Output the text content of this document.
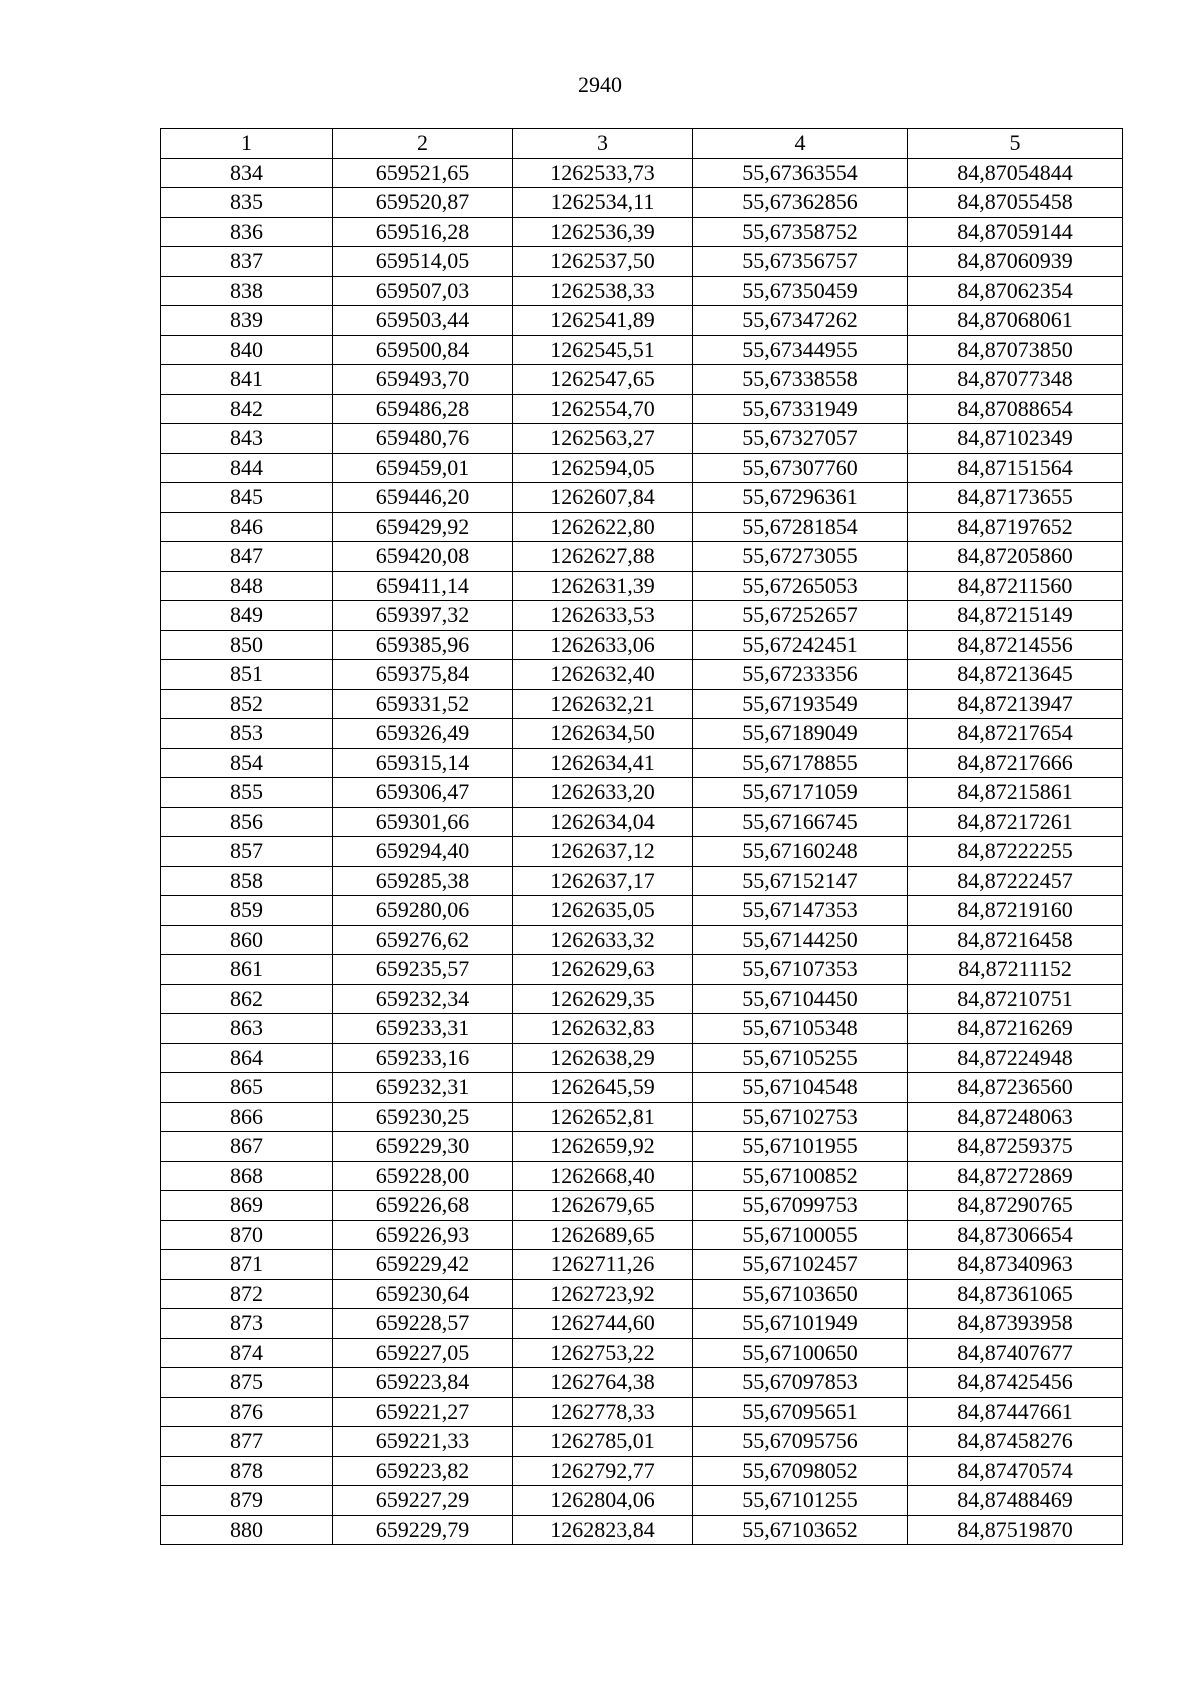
2940
1	2	3	4	5
834	659521,65	1262533,73	55,67363554	84,87054844
835	659520,87	1262534,11	55,67362856	84,87055458
836	659516,28	1262536,39	55,67358752	84,87059144
837	659514,05	1262537,50	55,67356757	84,87060939
838	659507,03	1262538,33	55,67350459	84,87062354
839	659503,44	1262541,89	55,67347262	84,87068061
840	659500,84	1262545,51	55,67344955	84,87073850
841	659493,70	1262547,65	55,67338558	84,87077348
842	659486,28	1262554,70	55,67331949	84,87088654
843	659480,76	1262563,27	55,67327057	84,87102349
844	659459,01	1262594,05	55,67307760	84,87151564
845	659446,20	1262607,84	55,67296361	84,87173655
846	659429,92	1262622,80	55,67281854	84,87197652
847	659420,08	1262627,88	55,67273055	84,87205860
848	659411,14	1262631,39	55,67265053	84,87211560
849	659397,32	1262633,53	55,67252657	84,87215149
850	659385,96	1262633,06	55,67242451	84,87214556
851	659375,84	1262632,40	55,67233356	84,87213645
852	659331,52	1262632,21	55,67193549	84,87213947
853	659326,49	1262634,50	55,67189049	84,87217654
854	659315,14	1262634,41	55,67178855	84,87217666
855	659306,47	1262633,20	55,67171059	84,87215861
856	659301,66	1262634,04	55,67166745	84,87217261
857	659294,40	1262637,12	55,67160248	84,87222255
858	659285,38	1262637,17	55,67152147	84,87222457
859	659280,06	1262635,05	55,67147353	84,87219160
860	659276,62	1262633,32	55,67144250	84,87216458
861	659235,57	1262629,63	55,67107353	84,87211152
862	659232,34	1262629,35	55,67104450	84,87210751
863	659233,31	1262632,83	55,67105348	84,87216269
864	659233,16	1262638,29	55,67105255	84,87224948
865	659232,31	1262645,59	55,67104548	84,87236560
866	659230,25	1262652,81	55,67102753	84,87248063
867	659229,30	1262659,92	55,67101955	84,87259375
868	659228,00	1262668,40	55,67100852	84,87272869
869	659226,68	1262679,65	55,67099753	84,87290765
870	659226,93	1262689,65	55,67100055	84,87306654
871	659229,42	1262711,26	55,67102457	84,87340963
872	659230,64	1262723,92	55,67103650	84,87361065
873	659228,57	1262744,60	55,67101949	84,87393958
874	659227,05	1262753,22	55,67100650	84,87407677
875	659223,84	1262764,38	55,67097853	84,87425456
876	659221,27	1262778,33	55,67095651	84,87447661
877	659221,33	1262785,01	55,67095756	84,87458276
878	659223,82	1262792,77	55,67098052	84,87470574
879	659227,29	1262804,06	55,67101255	84,87488469
880	659229,79	1262823,84	55,67103652	84,87519870
